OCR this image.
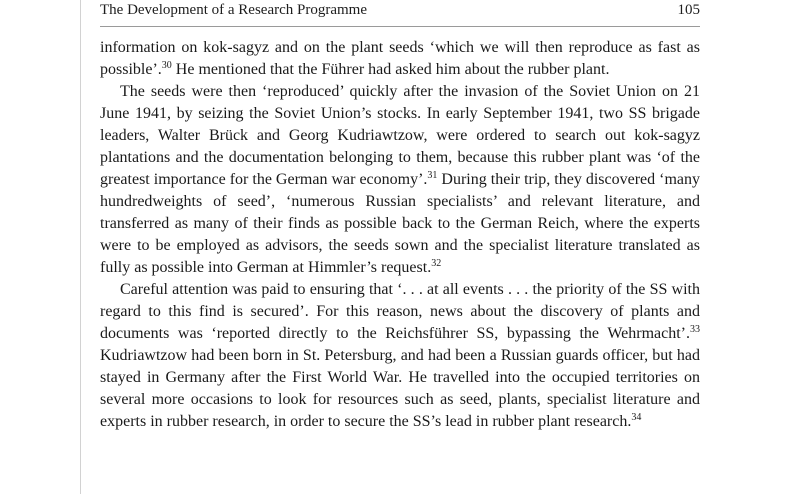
The Development of a Research Programme	105

information on kok-sagyz and on the plant seeds ‘which we will then reproduce as fast as possible’.$^{30}$ He mentioned that the Führer had asked him about the rubber plant.

The seeds were then ‘reproduced’ quickly after the invasion of the Soviet Union on 21 June 1941, by seizing the Soviet Union’s stocks. In early September 1941, two SS brigade leaders, Walter Brück and Georg Kudriawtzow, were ordered to search out kok-sagyz plantations and the documentation belonging to them, because this rubber plant was ‘of the greatest importance for the German war economy’.$^{31}$ During their trip, they discovered ‘many hundredweights of seed’, ‘numerous Russian specialists’ and relevant literature, and transferred as many of their finds as possible back to the German Reich, where the experts were to be employed as advisors, the seeds sown and the specialist literature translated as fully as possible into German at Himmler’s request.$^{32}$

Careful attention was paid to ensuring that ‘. . . at all events . . . the priority of the SS with regard to this find is secured’. For this reason, news about the discovery of plants and documents was ‘reported directly to the Reichsführer SS, bypassing the Wehrmacht’.$^{33}$ Kudriawtzow had been born in St. Petersburg, and had been a Russian guards officer, but had stayed in Germany after the First World War. He travelled into the occupied territories on several more occasions to look for resources such as seed, plants, specialist literature and experts in rubber research, in order to secure the SS’s lead in rubber plant research.$^{34}$
